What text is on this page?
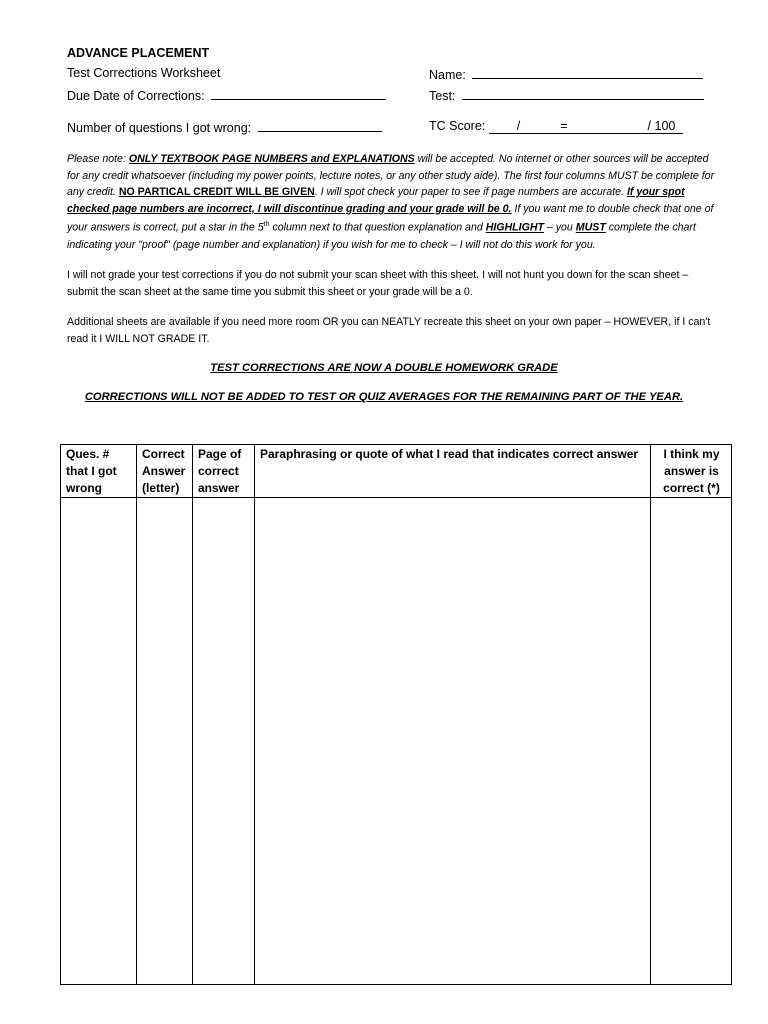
ADVANCE PLACEMENT
Test Corrections Worksheet
Due Date of Corrections:
Number of questions I got wrong:
Name:
Test:
TC Score:	/	=	/ 100
Please note: ONLY TEXTBOOK PAGE NUMBERS and EXPLANATIONS will be accepted. No internet or other sources will be accepted for any credit whatsoever (including my power points, lecture notes, or any other study aide). The first four columns MUST be complete for any credit. NO PARTICAL CREDIT WILL BE GIVEN. I will spot check your paper to see if page numbers are accurate. If your spot checked page numbers are incorrect, I will discontinue grading and your grade will be 0. If you want me to double check that one of your answers is correct, put a star in the 5th column next to that question explanation and HIGHLIGHT – you MUST complete the chart indicating your "proof" (page number and explanation) if you wish for me to check – I will not do this work for you.
I will not grade your test corrections if you do not submit your scan sheet with this sheet. I will not hunt you down for the scan sheet – submit the scan sheet at the same time you submit this sheet or your grade will be a 0.
Additional sheets are available if you need more room OR you can NEATLY recreate this sheet on your own paper – HOWEVER, if I can't read it I WILL NOT GRADE IT.
TEST CORRECTIONS ARE NOW A DOUBLE HOMEWORK GRADE
CORRECTIONS WILL NOT BE ADDED TO TEST OR QUIZ AVERAGES FOR THE REMAINING PART OF THE YEAR.
Ques. # that I got wrong	Correct Answer (letter)	Page of correct answer	Paraphrasing or quote of what I read that indicates correct answer	I think my answer is correct (*)
